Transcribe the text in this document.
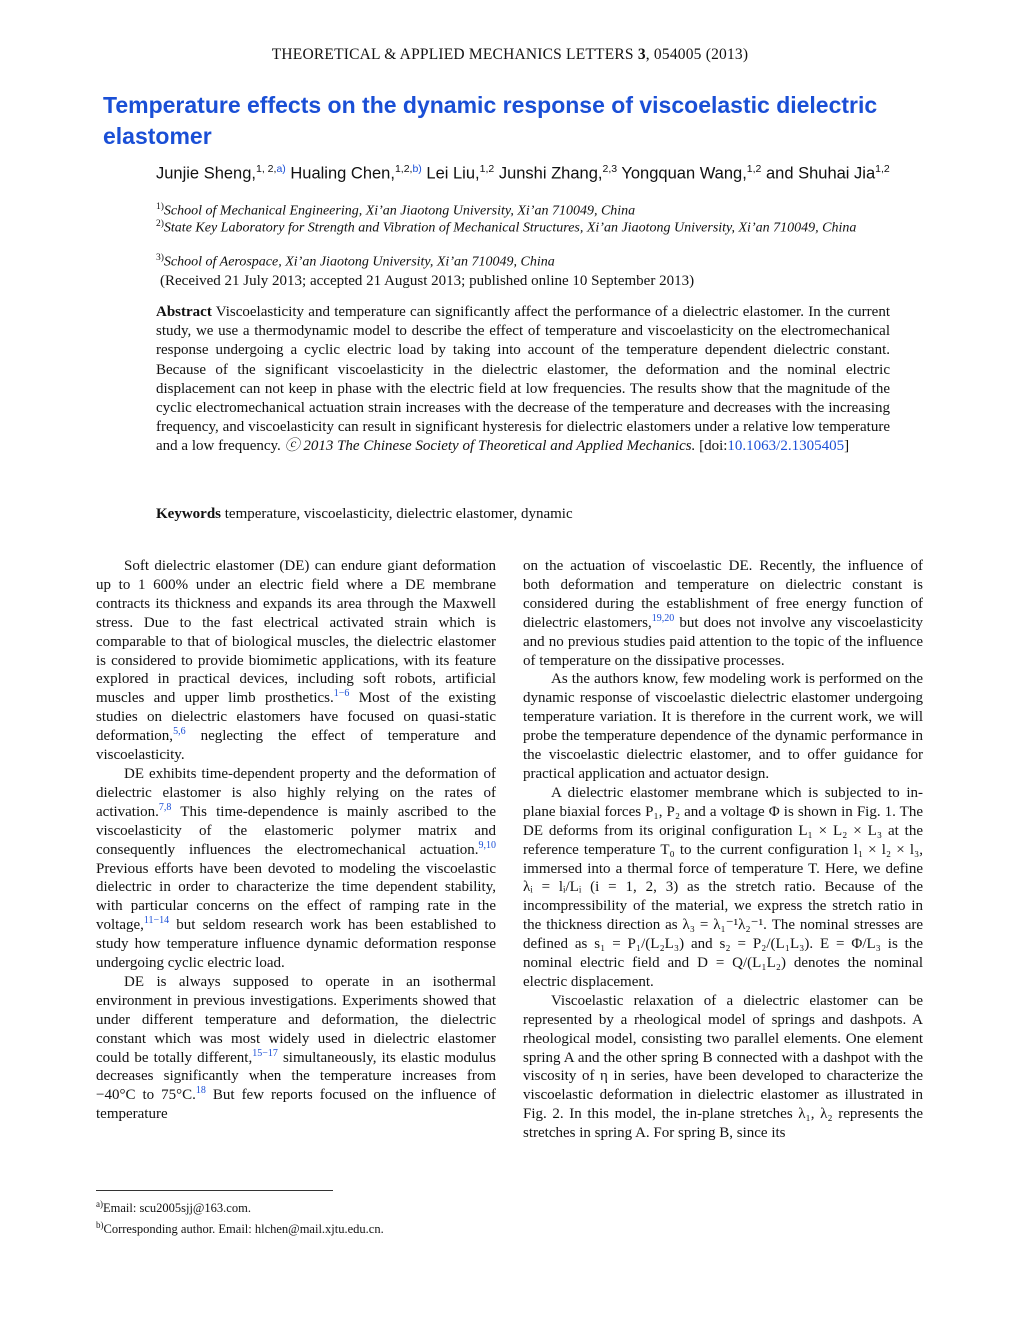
THEORETICAL & APPLIED MECHANICS LETTERS 3, 054005 (2013)
Temperature effects on the dynamic response of viscoelastic dielectric elastomer
Junjie Sheng,$^{1, 2,a)}$ Hualing Chen,$^{1,2,b)}$ Lei Liu,$^{1,2}$ Junshi Zhang,$^{2,3}$ Yongquan Wang,$^{1,2}$ and Shuhai Jia$^{1,2}$
$^{1)}$School of Mechanical Engineering, Xi’an Jiaotong University, Xi’an 710049, China
$^{2)}$State Key Laboratory for Strength and Vibration of Mechanical Structures, Xi’an Jiaotong University, Xi’an 710049, China
$^{3)}$School of Aerospace, Xi’an Jiaotong University, Xi’an 710049, China
(Received 21 July 2013; accepted 21 August 2013; published online 10 September 2013)
Abstract Viscoelasticity and temperature can significantly affect the performance of a dielectric elastomer. In the current study, we use a thermodynamic model to describe the effect of temperature and viscoelasticity on the electromechanical response undergoing a cyclic electric load by taking into account of the temperature dependent dielectric constant. Because of the significant viscoelasticity in the dielectric elastomer, the deformation and the nominal electric displacement can not keep in phase with the electric field at low frequencies. The results show that the magnitude of the cyclic electromechanical actuation strain increases with the decrease of the temperature and decreases with the increasing frequency, and viscoelasticity can result in significant hysteresis for dielectric elastomers under a relative low temperature and a low frequency. ⓒ 2013 The Chinese Society of Theoretical and Applied Mechanics. [doi:10.1063/2.1305405]
Keywords temperature, viscoelasticity, dielectric elastomer, dynamic

Soft dielectric elastomer (DE) can endure giant deformation up to 1 600% under an electric field where a DE membrane contracts its thickness and expands its area through the Maxwell stress. Due to the fast electrical activated strain which is comparable to that of biological muscles, the dielectric elastomer is considered to provide biomimetic applications, with its feature explored in practical devices, including soft robots, artificial muscles and upper limb prosthetics.$^{1-6}$ Most of the existing studies on dielectric elastomers have focused on quasi-static deformation,$^{5,6}$ neglecting the effect of temperature and viscoelasticity.

DE exhibits time-dependent property and the deformation of dielectric elastomer is also highly relying on the rates of activation.$^{7,8}$ This time-dependence is mainly ascribed to the viscoelasticity of the elastomeric polymer matrix and consequently influences the electromechanical actuation.$^{9,10}$ Previous efforts have been devoted to modeling the viscoelastic dielectric in order to characterize the time dependent stability, with particular concerns on the effect of ramping rate in the voltage,$^{11-14}$ but seldom research work has been established to study how temperature influence dynamic deformation response undergoing cyclic electric load.

DE is always supposed to operate in an isothermal environment in previous investigations. Experiments showed that under different temperature and deformation, the dielectric constant which was most widely used in dielectric elastomer could be totally different,$^{15-17}$ simultaneously, its elastic modulus decreases significantly when the temperature increases from −40°C to 75°C.$^{18}$ But few reports focused on the influence of temperature

on the actuation of viscoelastic DE. Recently, the influence of both deformation and temperature on dielectric constant is considered during the establishment of free energy function of dielectric elastomers,$^{19,20}$ but does not involve any viscoelasticity and no previous studies paid attention to the topic of the influence of temperature on the dissipative processes.

As the authors know, few modeling work is performed on the dynamic response of viscoelastic dielectric elastomer undergoing temperature variation. It is therefore in the current work, we will probe the temperature dependence of the dynamic performance in the viscoelastic dielectric elastomer, and to offer guidance for practical application and actuator design.

A dielectric elastomer membrane which is subjected to in-plane biaxial forces P₁, P₂ and a voltage Φ is shown in Fig. 1. The DE deforms from its original configuration L₁ × L₂ × L₃ at the reference temperature T₀ to the current configuration l₁ × l₂ × l₃, immersed into a thermal force of temperature T. Here, we define λᵢ = lᵢ/Lᵢ (i = 1, 2, 3) as the stretch ratio. Because of the incompressibility of the material, we express the stretch ratio in the thickness direction as λ₃ = λ₁⁻¹λ₂⁻¹. The nominal stresses are defined as s₁ = P₁/(L₂L₃) and s₂ = P₂/(L₁L₃). E = Φ/L₃ is the nominal electric field and D = Q/(L₁L₂) denotes the nominal electric displacement.

Viscoelastic relaxation of a dielectric elastomer can be represented by a rheological model of springs and dashpots. A rheological model, consisting two parallel elements. One element spring A and the other spring B connected with a dashpot with the viscosity of η in series, have been developed to characterize the viscoelastic deformation in dielectric elastomer as illustrated in Fig. 2. In this model, the in-plane stretches λ₁, λ₂ represents the stretches in spring A. For spring B, since its

$^{a)}$Email: scu2005sjj@163.com.
$^{b)}$Corresponding author. Email: hlchen@mail.xjtu.edu.cn.
